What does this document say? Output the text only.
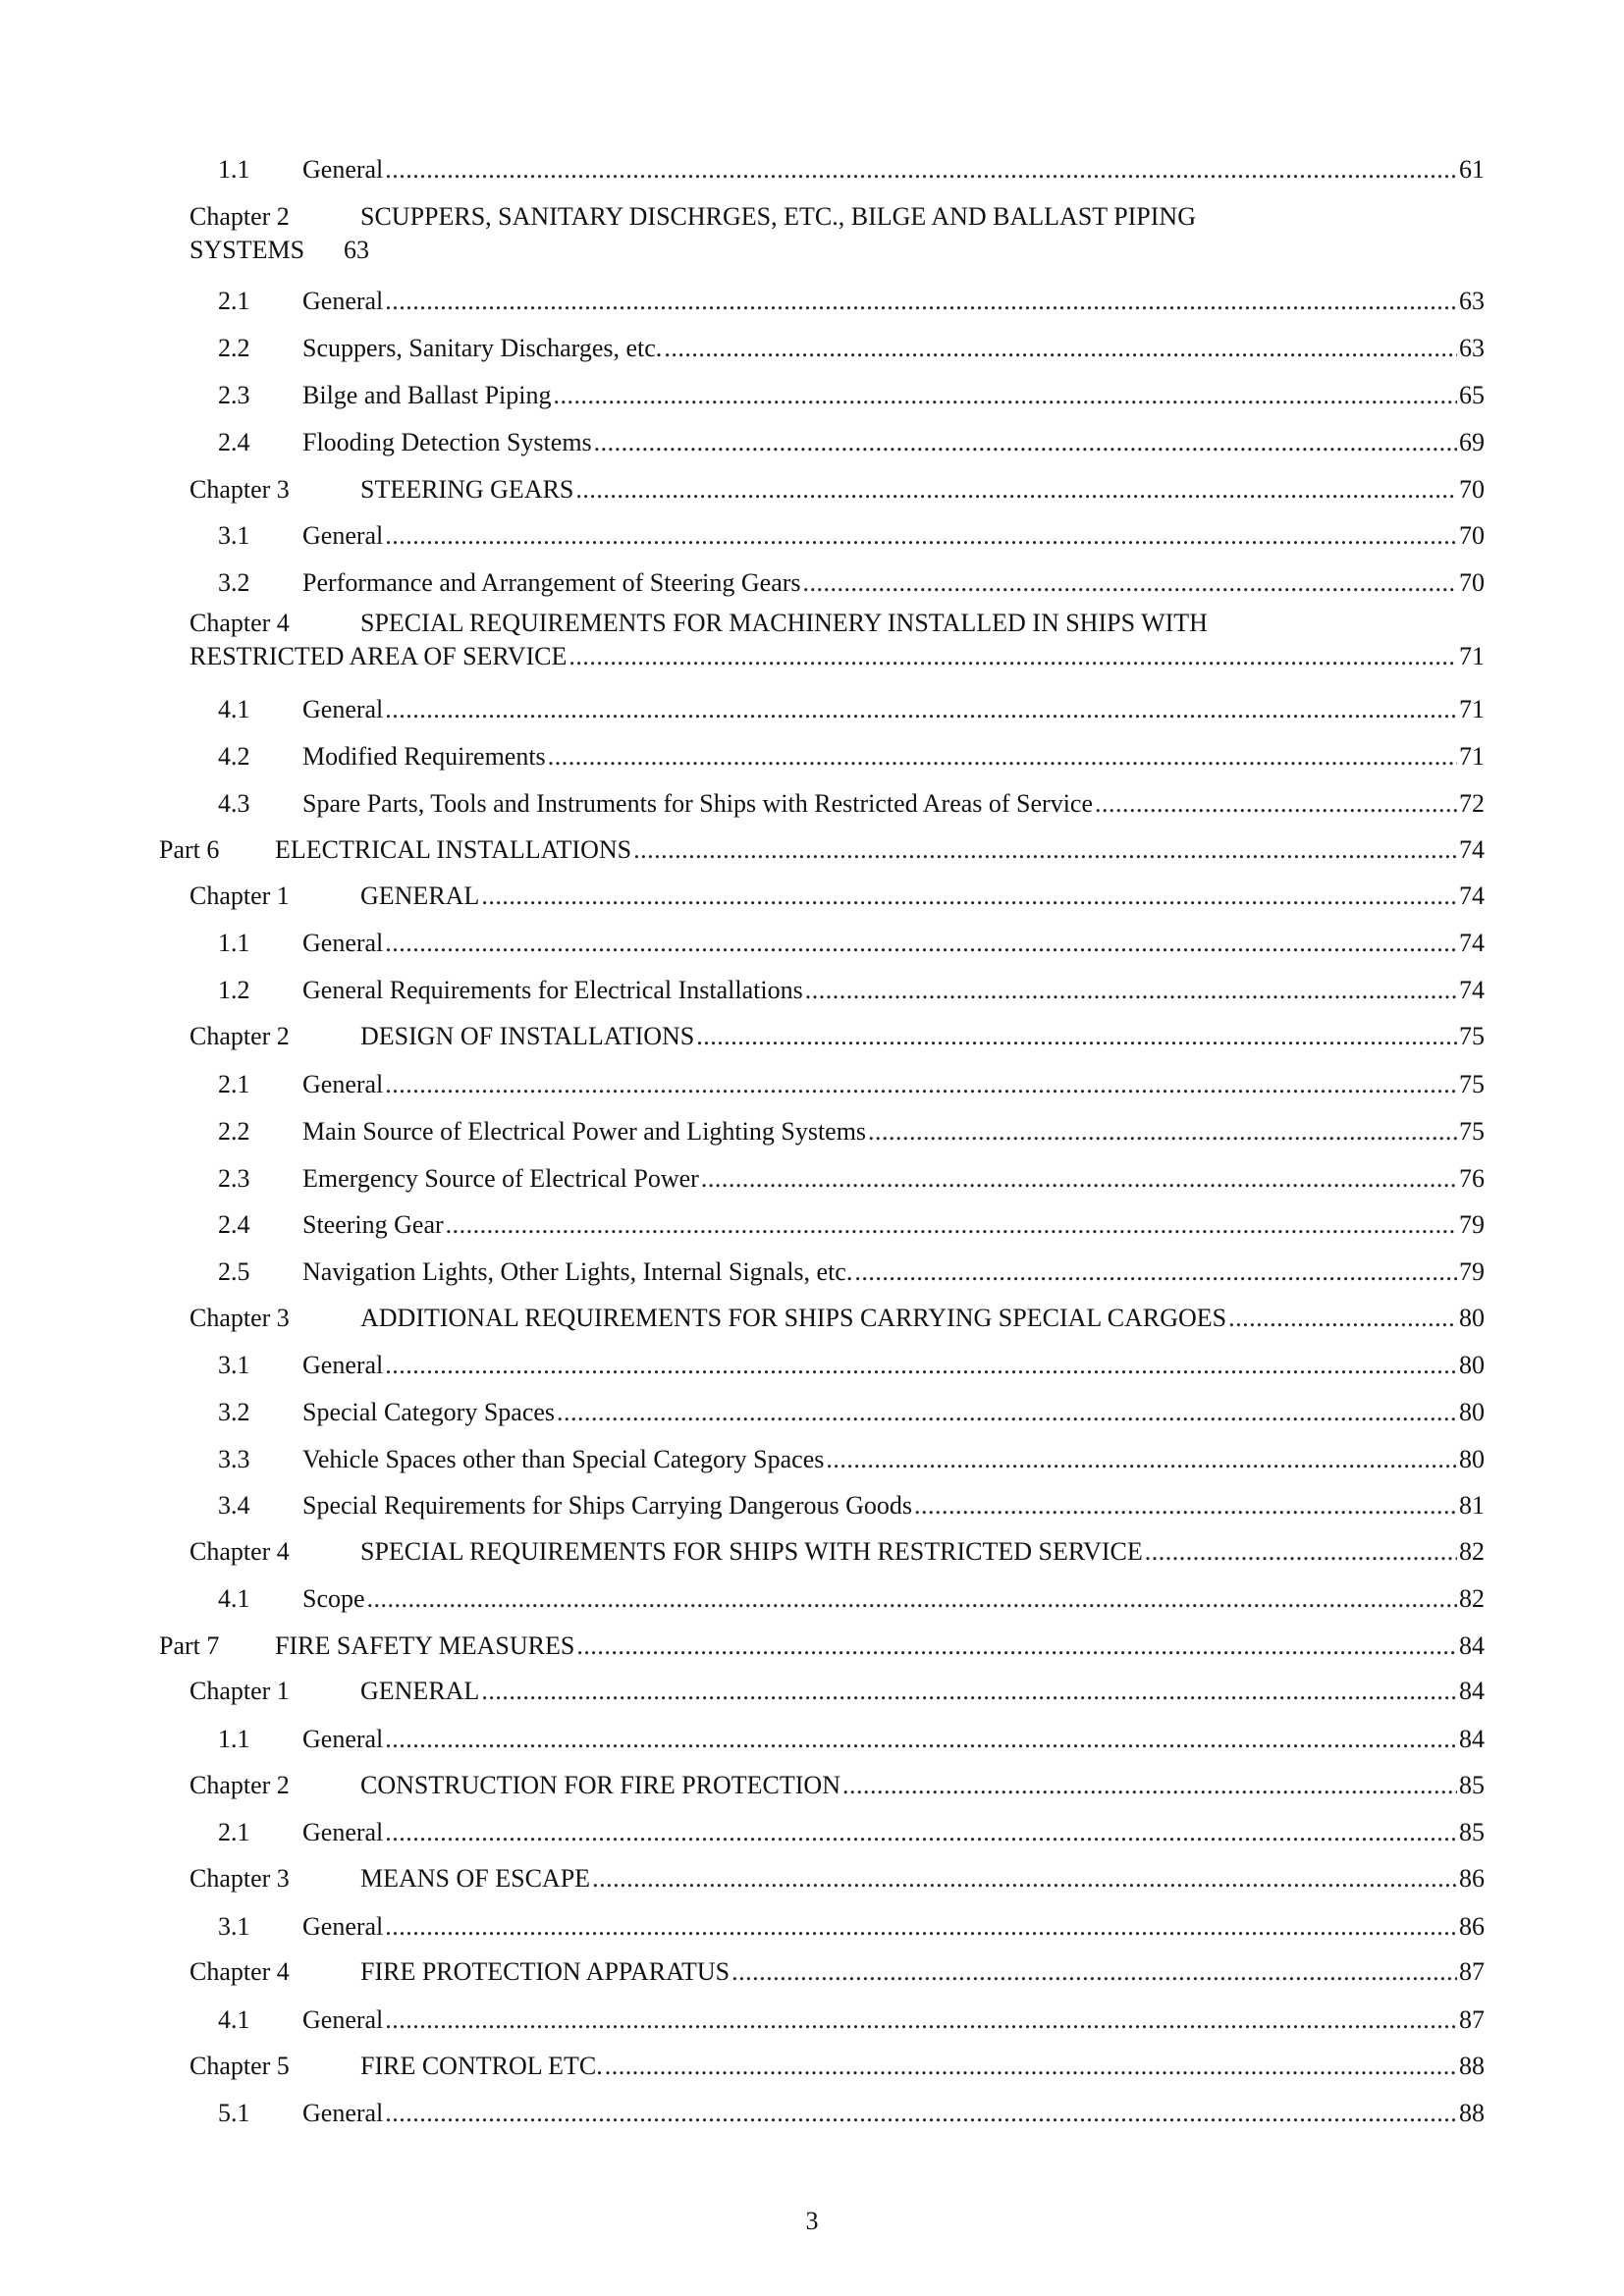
1.1	General . . .	61
Chapter 2	SCUPPERS, SANITARY DISCHRGES, ETC., BILGE AND BALLAST PIPING
SYSTEMS 63
2.1	General . . .	63
2.2	Scuppers, Sanitary Discharges, etc. . . .	63
2.3	Bilge and Ballast Piping . . .	65
2.4	Flooding Detection Systems . . .	69
Chapter 3	STEERING GEARS . . .	70
3.1	General . . .	70
3.2	Performance and Arrangement of Steering Gears . . .	70
Chapter 4	SPECIAL REQUIREMENTS FOR MACHINERY INSTALLED IN SHIPS WITH
RESTRICTED AREA OF SERVICE . . .	71
4.1	General . . .	71
4.2	Modified Requirements . . .	71
4.3	Spare Parts, Tools and Instruments for Ships with Restricted Areas of Service . . .	72
Part 6	ELECTRICAL INSTALLATIONS . . .	74
Chapter 1	GENERAL . . .	74
1.1	General . . .	74
1.2	General Requirements for Electrical Installations . . .	74
Chapter 2	DESIGN OF INSTALLATIONS . . .	75
2.1	General . . .	75
2.2	Main Source of Electrical Power and Lighting Systems . . .	75
2.3	Emergency Source of Electrical Power . . .	76
2.4	Steering Gear . . .	79
2.5	Navigation Lights, Other Lights, Internal Signals, etc. . . .	79
Chapter 3	ADDITIONAL REQUIREMENTS FOR SHIPS CARRYING SPECIAL CARGOES . . .	80
3.1	General . . .	80
3.2	Special Category Spaces . . .	80
3.3	Vehicle Spaces other than Special Category Spaces . . .	80
3.4	Special Requirements for Ships Carrying Dangerous Goods . . .	81
Chapter 4	SPECIAL REQUIREMENTS FOR SHIPS WITH RESTRICTED SERVICE . . .	82
4.1	Scope . . .	82
Part 7	FIRE SAFETY MEASURES . . .	84
Chapter 1	GENERAL . . .	84
1.1	General . . .	84
Chapter 2	CONSTRUCTION FOR FIRE PROTECTION . . .	85
2.1	General . . .	85
Chapter 3	MEANS OF ESCAPE . . .	86
3.1	General . . .	86
Chapter 4	FIRE PROTECTION APPARATUS . . .	87
4.1	General . . .	87
Chapter 5	FIRE CONTROL ETC. . . .	88
5.1	General . . .	88
3
